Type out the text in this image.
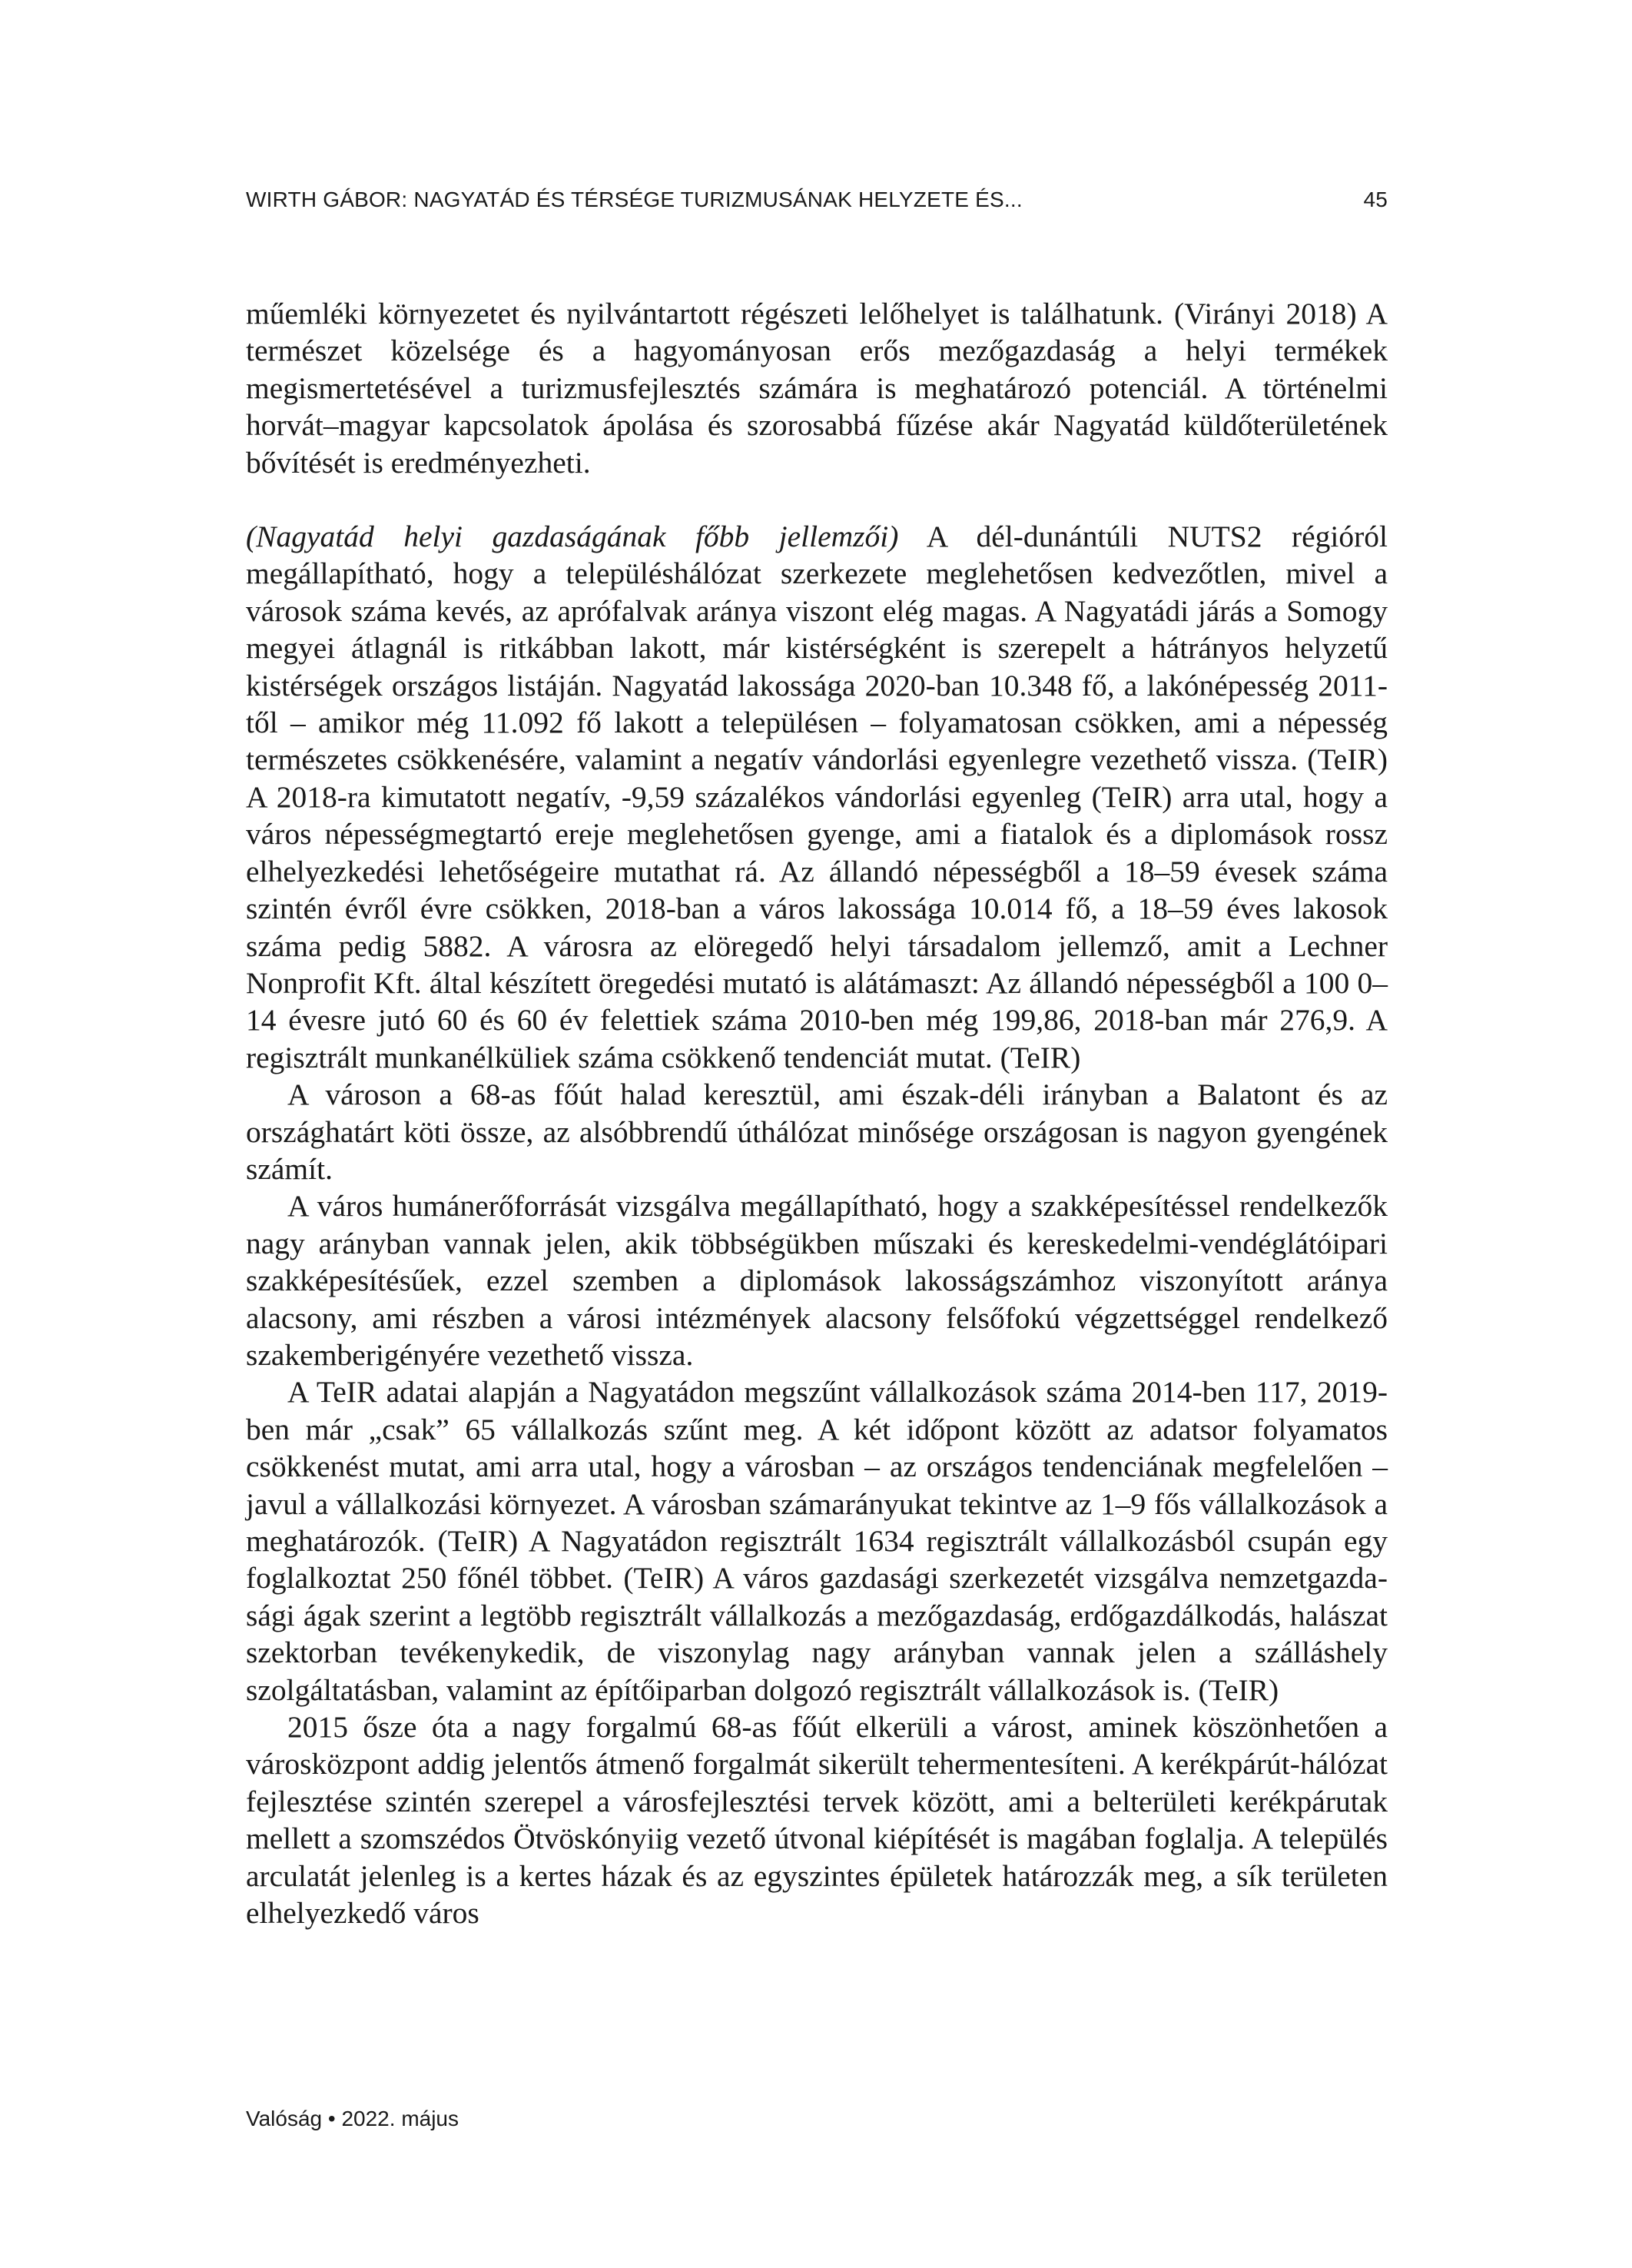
WIRTH GÁBOR: NAGYATÁD ÉS TÉRSÉGE TURIZMUSÁNAK HELYZETE ÉS...	45

műemléki környezetet és nyilvántartott régészeti lelőhelyet is találhatunk. (Virányi 2018) A természet közelsége és a hagyományosan erős mezőgazdaság a helyi termékek megismertetésével a turizmusfejlesztés számára is meghatározó potenciál. A történelmi horvát–magyar kapcsolatok ápolása és szorosabbá fűzése akár Nagyatád küldőterületének bővítését is eredményezheti.

(Nagyatád helyi gazdaságának főbb jellemzői) A dél-dunántúli NUTS2 régióról megállapítható, hogy a településhálózat szerkezete meglehetősen kedvezőtlen, mivel a városok száma kevés, az aprófalvak aránya viszont elég magas. A Nagyatádi járás a Somogy megyei átlagnál is ritkábban lakott, már kistérségként is szerepelt a hátrányos helyzetű kistérségek országos listáján. Nagyatád lakossága 2020-ban 10.348 fő, a lakónépesség 2011-től – amikor még 11.092 fő lakott a településen – folyamatosan csökken, ami a népesség természetes csökkenésére, valamint a negatív vándorlási egyenlegre vezethető vissza. (TeIR) A 2018-ra kimutatott negatív, -9,59 százalékos vándorlási egyenleg (TeIR) arra utal, hogy a város népességmegtartó ereje meglehetősen gyenge, ami a fiatalok és a diplomások rossz elhelyezkedési lehetőségeire mutathat rá. Az állandó népességből a 18–59 évesek száma szintén évről évre csökken, 2018-ban a város lakossága 10.014 fő, a 18–59 éves lakosok száma pedig 5882. A városra az elöregedő helyi társadalom jellemző, amit a Lechner Nonprofit Kft. által készített öregedési mutató is alátámaszt: Az állandó népességből a 100 0–14 évesre jutó 60 és 60 év felettiek száma 2010-ben még 199,86, 2018-ban már 276,9. A regisztrált munkanélküliek száma csökkenő tendenciát mutat. (TeIR)

A városon a 68-as főút halad keresztül, ami észak-déli irányban a Balatont és az országhatárt köti össze, az alsóbbrendű úthálózat minősége országosan is nagyon gyengének számít.

A város humánerőforrását vizsgálva megállapítható, hogy a szakképesítéssel rendelkezők nagy arányban vannak jelen, akik többségükben műszaki és kereskedelmi-vendéglátóipari szakképesítésűek, ezzel szemben a diplomások lakosságszámhoz viszonyított aránya alacsony, ami részben a városi intézmények alacsony felsőfokú végzettséggel rendelkező szakemberigényére vezethető vissza.

A TeIR adatai alapján a Nagyatádon megszűnt vállalkozások száma 2014-ben 117, 2019-ben már „csak” 65 vállalkozás szűnt meg. A két időpont között az adatsor folyamatos csökkenést mutat, ami arra utal, hogy a városban – az országos tendenciának megfelelően – javul a vállalkozási környezet. A városban számarányukat tekintve az 1–9 fős vállalkozások a meghatározók. (TeIR) A Nagyatádon regisztrált 1634 regisztrált vállalkozásból csupán egy foglalkoztat 250 főnél többet. (TeIR) A város gazdasági szerkezetét vizsgálva nemzetgazdasági ágak szerint a legtöbb regisztrált vállalkozás a mezőgazdaság, erdőgazdálkodás, halászat szektorban tevékenykedik, de viszonylag nagy arányban vannak jelen a szálláshely szolgáltatásban, valamint az építőiparban dolgozó regisztrált vállalkozások is. (TeIR)

2015 ősze óta a nagy forgalmú 68-as főút elkerüli a várost, aminek köszönhetően a városközpont addig jelentős átmenő forgalmát sikerült tehermentesíteni. A kerékpárút-hálózat fejlesztése szintén szerepel a városfejlesztési tervek között, ami a belterületi kerékpárutak mellett a szomszédos Ötvöskónyiig vezető útvonal kiépítését is magában foglalja. A település arculatát jelenleg is a kertes házak és az egyszintes épületek határozzák meg, a sík területen elhelyezkedő város

Valóság • 2022. május
